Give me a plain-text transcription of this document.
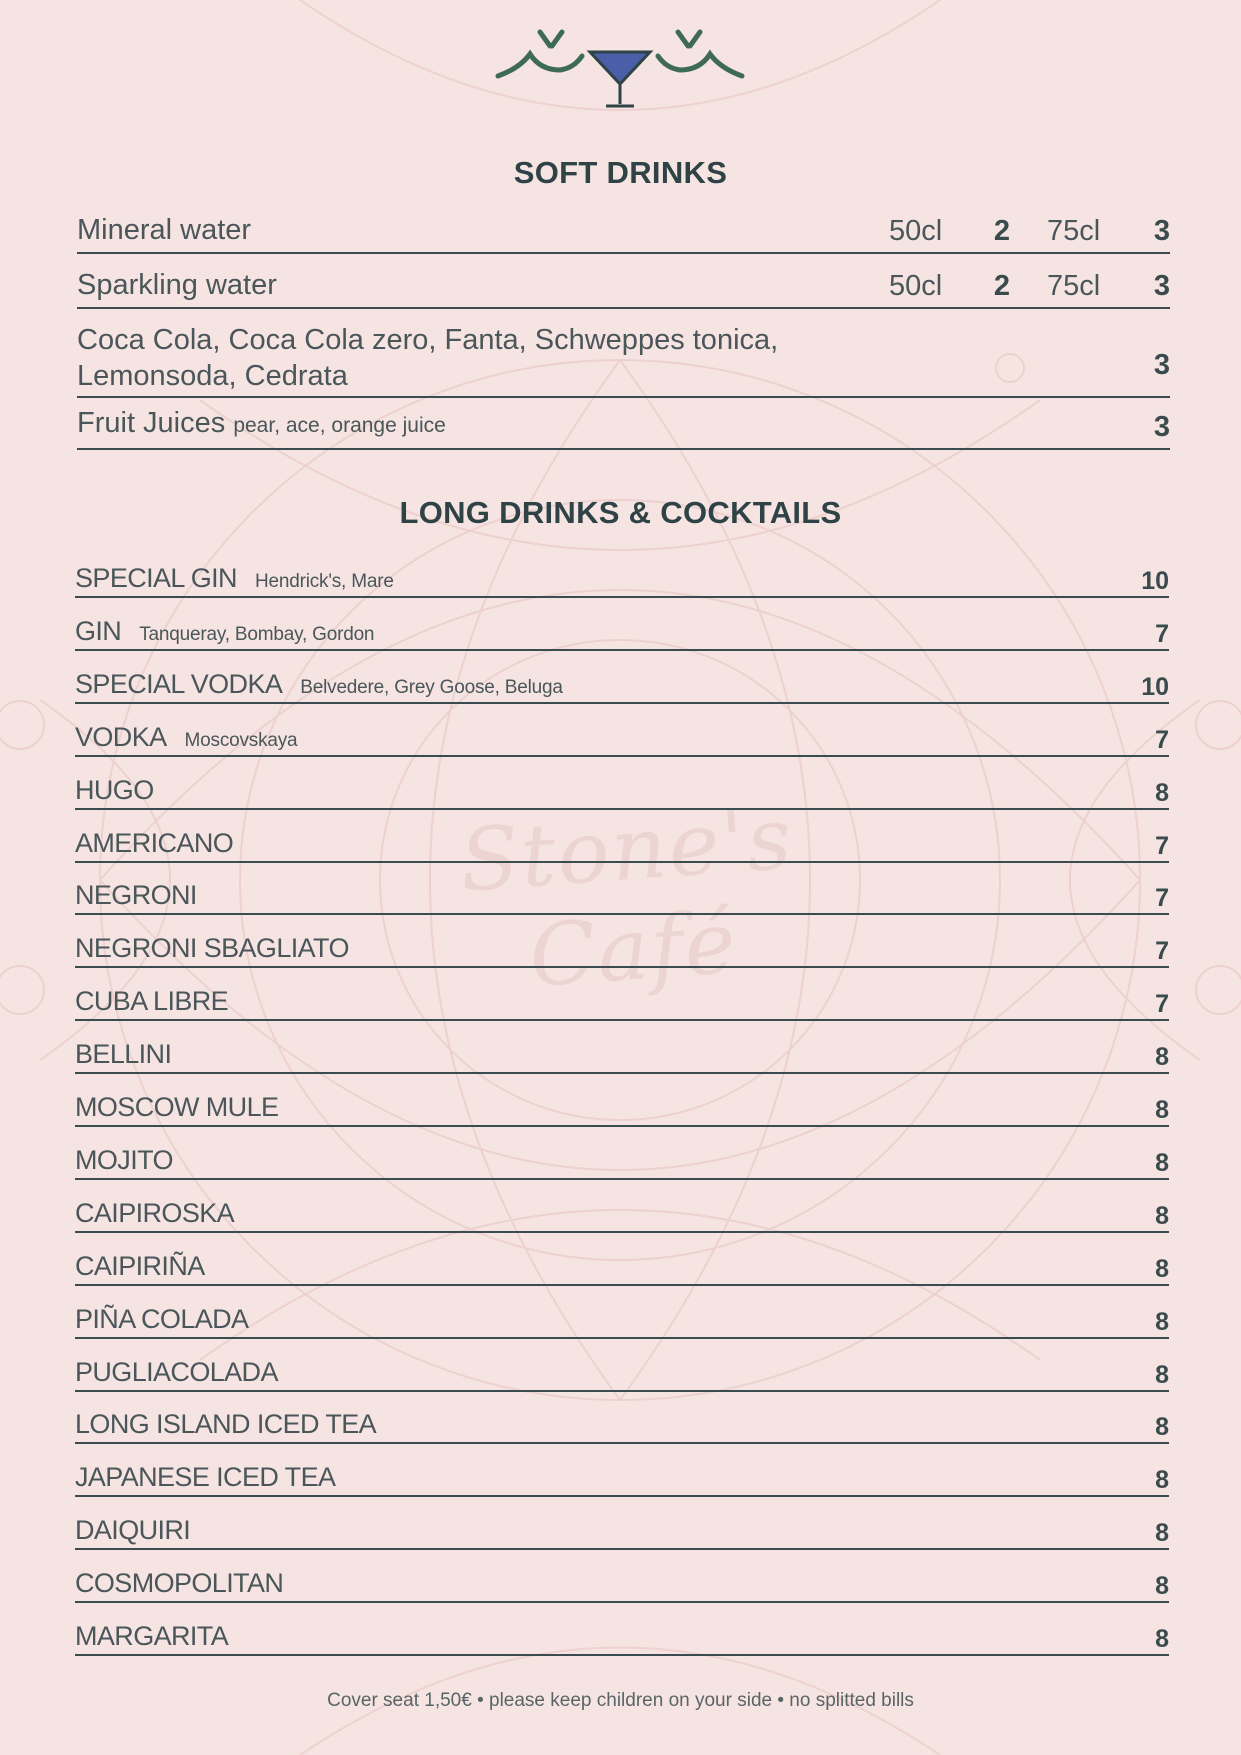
Stone's Café
SOFT DRINKS
Mineral water	50cl	2	75cl 3
Sparkling water	50cl	2	75cl 3
Coca Cola, Coca Cola zero, Fanta, Schweppes tonica,
Lemonsoda, Cedrata	3
Fruit Juices pear, ace, orange juice	3
LONG DRINKS & COCKTAILS
SPECIAL GIN Hendrick's, Mare	10
GIN Tanqueray, Bombay, Gordon	7
SPECIAL VODKA Belvedere, Grey Goose, Beluga	10
VODKA Moscovskaya	7
HUGO	8
AMERICANO	7
NEGRONI	7
NEGRONI SBAGLIATO	7
CUBA LIBRE	7
BELLINI	8
MOSCOW MULE	8
MOJITO	8
CAIPIROSKA	8
CAIPIRIÑA	8
PIÑA COLADA	8
PUGLIACOLADA	8
LONG ISLAND ICED TEA	8
JAPANESE ICED TEA	8
DAIQUIRI	8
COSMOPOLITAN	8
MARGARITA	8
Cover seat 1,50€ • please keep children on your side • no splitted bills
